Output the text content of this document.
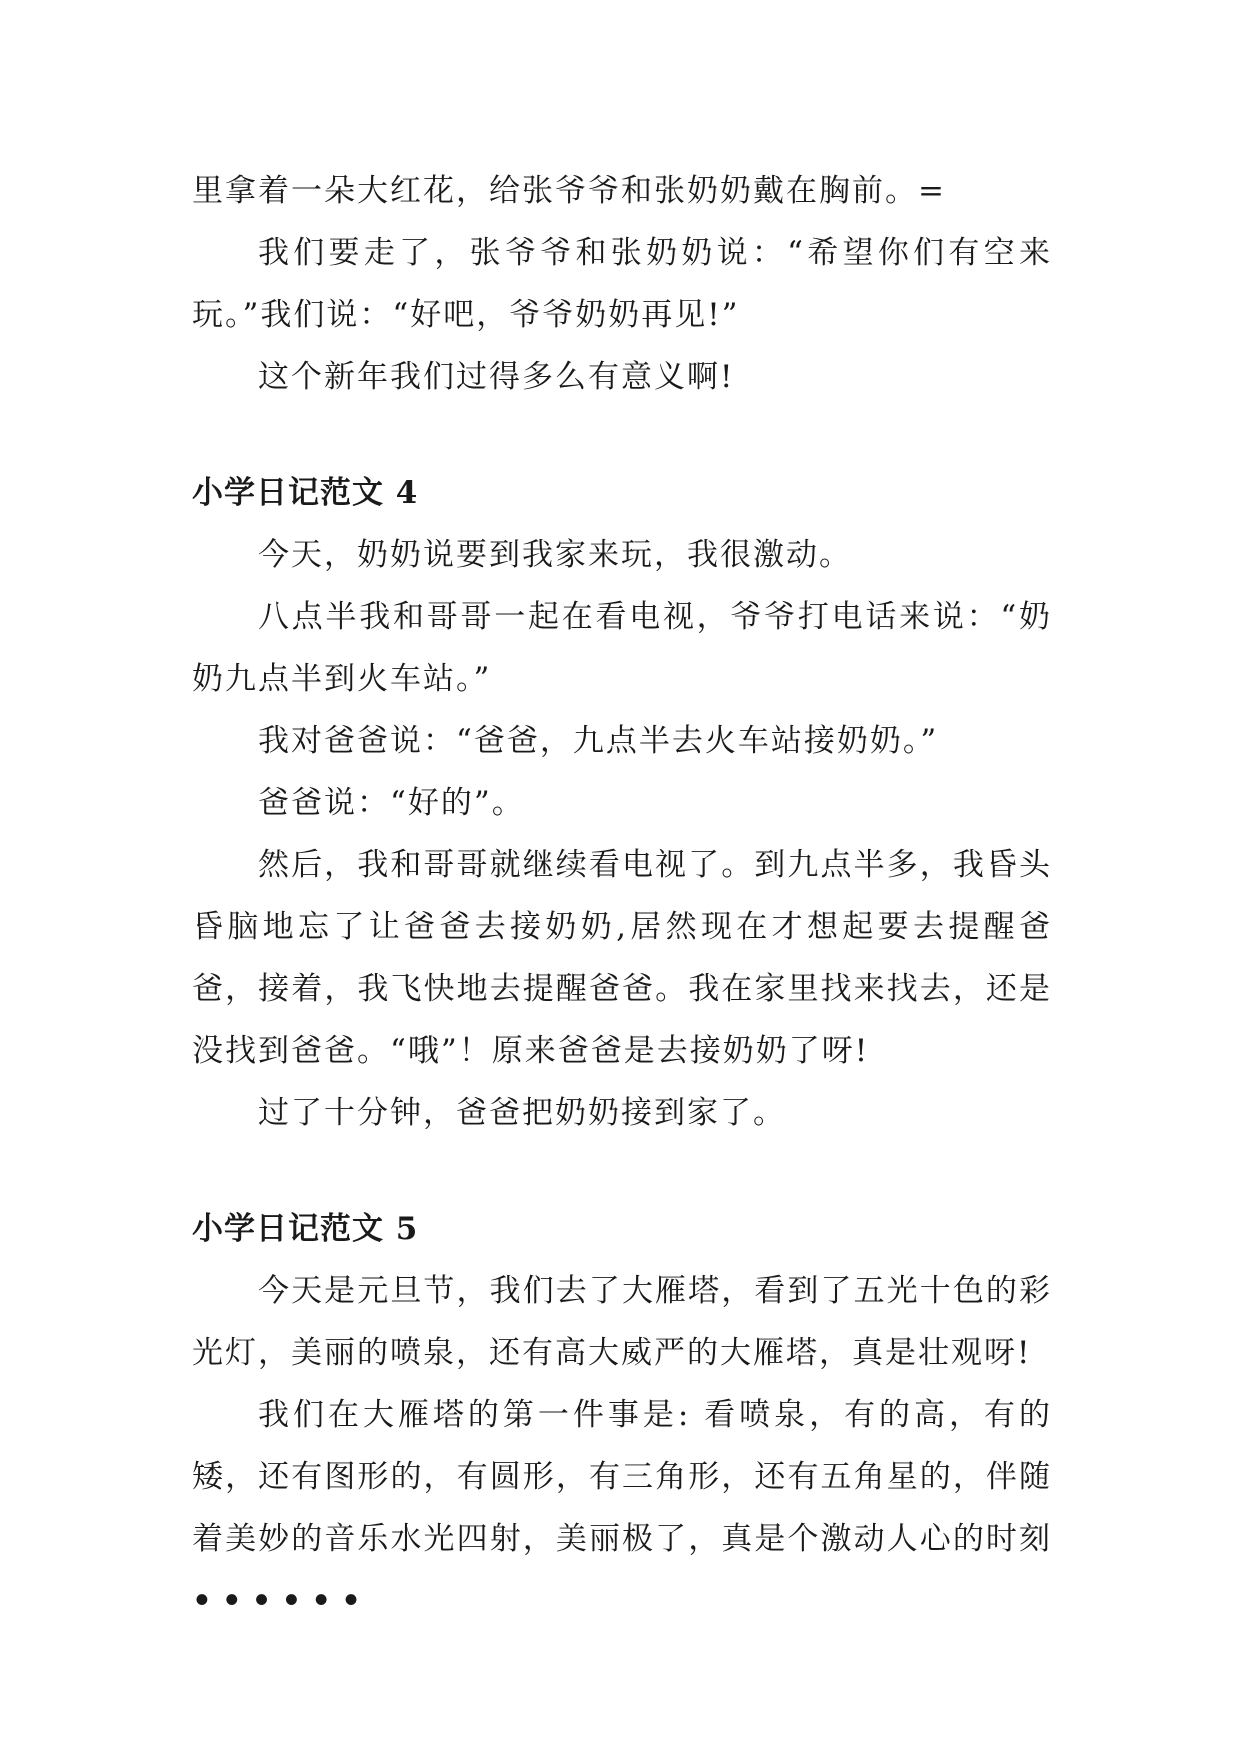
里拿着一朵大红花，给张爷爷和张奶奶戴在胸前。=

我们要走了，张爷爷和张奶奶说：“希望你们有空来玩。”我们说：“好吧，爷爷奶奶再见!”

这个新年我们过得多么有意义啊!

小学日记范文 4

今天，奶奶说要到我家来玩，我很激动。

八点半我和哥哥一起在看电视，爷爷打电话来说：“奶奶九点半到火车站。”

我对爸爸说：“爸爸，九点半去火车站接奶奶。”

爸爸说：“好的”。

然后，我和哥哥就继续看电视了。到九点半多，我昏头昏脑地忘了让爸爸去接奶奶,居然现在才想起要去提醒爸爸，接着，我飞快地去提醒爸爸。我在家里找来找去，还是没找到爸爸。“哦”！原来爸爸是去接奶奶了呀!

过了十分钟，爸爸把奶奶接到家了。

小学日记范文 5

今天是元旦节，我们去了大雁塔，看到了五光十色的彩光灯，美丽的喷泉，还有高大威严的大雁塔，真是壮观呀!

我们在大雁塔的第一件事是: 看喷泉，有的高，有的矮，还有图形的，有圆形，有三角形，还有五角星的，伴随着美妙的音乐水光四射，美丽极了，真是个激动人心的时刻••••••
